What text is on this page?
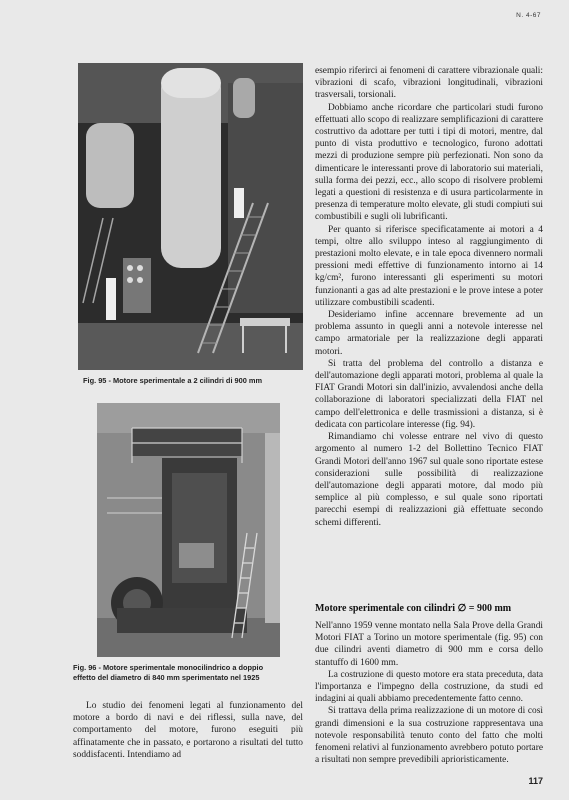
N. 4-67
Fig. 95 - Motore sperimentale a 2 cilindri di 900 mm
Fig. 96 - Motore sperimentale monocilindrico a doppio
effetto del diametro di 840 mm sperimentato nel 1925

Lo studio dei fenomeni legati al funzionamento del motore a bordo di navi e dei riflessi, sulla nave, del comportamento del motore, furono eseguiti più affinatamente che in passato, e portarono a risultati del tutto soddisfacenti. Intendiamo ad

esempio riferirci ai fenomeni di carattere vibrazionale quali: vibrazioni di scafo, vibrazioni longitudinali, vibrazioni trasversali, torsionali.

Dobbiamo anche ricordare che particolari studi furono effettuati allo scopo di realizzare semplificazioni di carattere costruttivo da adottare per tutti i tipi di motori, mentre, dal punto di vista produttivo e tecnologico, furono adottati mezzi di produzione sempre più perfezionati. Non sono da dimenticare le interessanti prove di laboratorio sui materiali, sulla forma dei pezzi, ecc., allo scopo di risolvere problemi legati a questioni di resistenza e di usura particolarmente in presenza di temperature molto elevate, gli studi compiuti sui combustibili e sugli oli lubrificanti.

Per quanto si riferisce specificatamente ai motori a 4 tempi, oltre allo sviluppo inteso al raggiungimento di prestazioni molto elevate, e in tale epoca divennero normali pressioni medi effettive di funzionamento intorno ai 14 kg/cm², furono interessanti gli esperimenti su motori funzionanti a gas ad alte prestazioni e le prove intese a poter utilizzare combustibili scadenti.

Desideriamo infine accennare brevemente ad un problema assunto in quegli anni a notevole interesse nel campo armatoriale per la realizzazione degli apparati motori.

Si tratta del problema del controllo a distanza e dell'automazione degli apparati motori, problema al quale la FIAT Grandi Motori sin dall'inizio, avvalendosi anche della collaborazione di laboratori specializzati della FIAT nel campo dell'elettronica e delle trasmissioni a distanza, si è dedicata con particolare interesse (fig. 94).

Rimandiamo chi volesse entrare nel vivo di questo argomento al numero 1-2 del Bollettino Tecnico FIAT Grandi Motori dell'anno 1967 sul quale sono riportate estese considerazioni sulle possibilità di realizzazione dell'automazione degli apparati motore, dal modo più semplice al più complesso, e sul quale sono riportati parecchi esempi di realizzazioni già effettuate secondo schemi differenti.

Motore sperimentale con cilindri ∅ = 900 mm

Nell'anno 1959 venne montato nella Sala Prove della Grandi Motori FIAT a Torino un motore sperimentale (fig. 95) con due cilindri aventi diametro di 900 mm e corsa dello stantuffo di 1600 mm.

La costruzione di questo motore era stata preceduta, data l'importanza e l'impegno della costruzione, da studi ed indagini ai quali abbiamo precedentemente fatto cenno.

Si trattava della prima realizzazione di un motore di così grandi dimensioni e la sua costruzione rappresentava una notevole responsabilità tenuto conto del fatto che molti fenomeni relativi al funzionamento avrebbero potuto portare a risultati non sempre prevedibili aprioristicamente.

117
